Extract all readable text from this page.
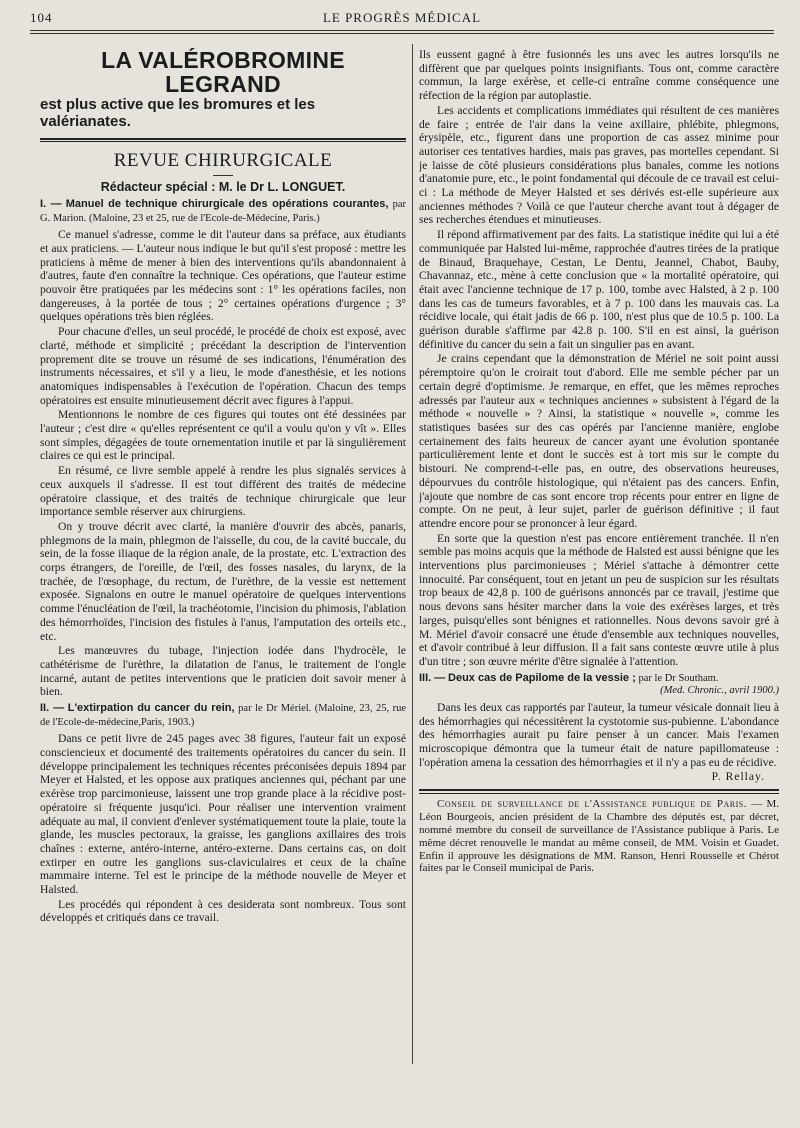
104	LE PROGRÈS MÉDICAL
LA VALÉROBROMINE LEGRAND
est plus active que les bromures et les valérianates.
REVUE CHIRURGICALE
Rédacteur spécial : M. le Dr L. LONGUET.
I. — Manuel de technique chirurgicale des opérations courantes, par G. Marion. (Maloine, 23 et 25, rue de l'Ecole-de-Médecine, Paris.)

Ce manuel s'adresse, comme le dit l'auteur dans sa préface, aux étudiants et aux praticiens. — L'auteur nous indique le but qu'il s'est proposé : mettre les praticiens à même de mener à bien des interventions qu'ils abandonnaient à d'autres, faute d'en connaître la technique. Ces opérations, que l'auteur estime pouvoir être pratiquées par les médecins sont : 1° les opérations faciles, non dangereuses, à la portée de tous ; 2° certaines opérations d'urgence ; 3° quelques opérations très bien réglées.

Pour chacune d'elles, un seul procédé, le procédé de choix est exposé, avec clarté, méthode et simplicité ; précédant la description de l'intervention proprement dite se trouve un résumé de ses indications, l'énumération des instruments nécessaires, et s'il y a lieu, le mode d'anesthésie, et les notions anatomiques indispensables à l'exécution de l'opération. Chacun des temps opératoires est ensuite minutieusement décrit avec figures à l'appui.

Mentionnons le nombre de ces figures qui toutes ont été dessinées par l'auteur ; c'est dire « qu'elles représentent ce qu'il a voulu qu'on y vît ». Elles sont simples, dégagées de toute ornementation inutile et par là singulièrement claires ce qui est le principal.

En résumé, ce livre semble appelé à rendre les plus signalés services à ceux auxquels il s'adresse. Il est tout différent des traités de médecine opératoire classique, et des traités de technique chirurgicale que leur importance semble réserver aux chirurgiens.

On y trouve décrit avec clarté, la manière d'ouvrir des abcès, panaris, phlegmons de la main, phlegmon de l'aisselle, du cou, de la cavité buccale, du sein, de la fosse iliaque de la région anale, de la prostate, etc. L'extraction des corps étrangers, de l'oreille, de l'œil, des fosses nasales, du larynx, de la trachée, de l'œsophage, du rectum, de l'urèthre, de la vessie est nettement exposée. Signalons en outre le manuel opératoire de quelques interventions comme l'énucléation de l'œil, la trachéotomie, l'incision du phimosis, l'ablation des hémorrhoïdes, l'incision des fistules à l'anus, l'amputation des orteils etc., etc.

Les manœuvres du tubage, l'injection iodée dans l'hydrocèle, le cathétérisme de l'urèthre, la dilatation de l'anus, le traitement de l'ongle incarné, autant de petites interventions que le praticien doit savoir mener à bien.

II. — L'extirpation du cancer du rein, par le Dr Mériel. (Maloine, 23, 25, rue de l'Ecole-de-médecine,Paris, 1903.)

Dans ce petit livre de 245 pages avec 38 figures, l'auteur fait un exposé consciencieux et documenté des traitements opératoires du cancer du sein. Il développe principalement les techniques récentes préconisées depuis 1894 par Meyer et Halsted, et les oppose aux pratiques anciennes qui, péchant par une exérèse trop parcimonieuse, laissent une trop grande place à la récidive post-opératoire si fréquente jusqu'ici. Pour réaliser une intervention vraiment adéquate au mal, il convient d'enlever systématiquement toute la plaie, toute la glande, les muscles pectoraux, la graisse, les ganglions axillaires des trois chaînes : externe, antéro-interne, antéro-externe. Dans certains cas, on doit extirper en outre les ganglions sus-claviculaires et ceux de la chaîne mammaire interne. Tel est le principe de la méthode nouvelle de Meyer et Halsted.

Les procédés qui répondent à ces desiderata sont nombreux. Tous sont développés et critiqués dans ce travail.

Ils eussent gagné à être fusionnés les uns avec les autres lorsqu'ils ne diffèrent que par quelques points insignifiants. Tous ont, comme caractère commun, la large exérèse, et celle-ci entraîne comme conséquence une réfection de la région par autoplastie.

Les accidents et complications immédiates qui résultent de ces manières de faire ; entrée de l'air dans la veine axillaire, phlébite, phlegmons, érysipèle, etc., figurent dans une proportion de cas assez minime pour autoriser ces tentatives hardies, mais pas graves, pas mortelles cependant. Si je laisse de côté plusieurs considérations plus banales, comme les notions d'anatomie pure, etc., le point fondamental qui découle de ce travail est celui-ci : La méthode de Meyer Halsted et ses dérivés est-elle supérieure aux anciennes méthodes ? Voilà ce que l'auteur cherche avant tout à dégager de ses recherches étendues et minutieuses.

Il répond affirmativement par des faits. La statistique inédite qui lui a été communiquée par Halsted lui-même, rapprochée d'autres tirées de la pratique de Binaud, Braquehaye, Cestan, Le Dentu, Jeannel, Chabot, Bauby, Chavannaz, etc., mène à cette conclusion que « la mortalité opératoire, qui était avec l'ancienne technique de 17 p. 100, tombe avec Halsted, à 2 p. 100 dans les cas de tumeurs favorables, et à 7 p. 100 dans les mauvais cas. La récidive locale, qui était jadis de 66 p. 100, n'est plus que de 10.5 p. 100. La guérison durable s'affirme par 42.8 p. 100. S'il en est ainsi, la guérison définitive du cancer du sein a fait un singulier pas en avant.

Je crains cependant que la démonstration de Mériel ne soit point aussi péremptoire qu'on le croirait tout d'abord. Elle me semble pécher par un certain degré d'optimisme. Je remarque, en effet, que les mêmes reproches adressés par l'auteur aux « techniques anciennes » subsistent à l'égard de la méthode « nouvelle » ? Ainsi, la statistique « nouvelle », comme les statistiques basées sur des cas opérés par l'ancienne manière, englobe certainement des faits heureux de cancer ayant une évolution spontanée particulièrement lente et dont le succès est à tort mis sur le compte du bistouri. Ne comprend-t-elle pas, en outre, des observations heureuses, dépourvues du contrôle histologique, qui n'étaient pas des cancers. Enfin, j'ajoute que nombre de cas sont encore trop récents pour entrer en ligne de compte. On ne peut, à leur sujet, parler de guérison définitive ; il faut attendre encore pour se prononcer à leur égard.

En sorte que la question n'est pas encore entièrement tranchée. Il n'en semble pas moins acquis que la méthode de Halsted est aussi bénigne que les interventions plus parcimonieuses ; Mériel s'attache à démontrer cette innocuité. Par conséquent, tout en jetant un peu de suspicion sur les résultats trop beaux de 42,8 p. 100 de guérisons annoncés par ce travail, j'estime que nous devons sans hésiter marcher dans la voie des exérèses larges, et très larges, puisqu'elles sont bénignes et rationnelles. Nous devons savoir gré à M. Mériel d'avoir consacré une étude d'ensemble aux techniques nouvelles, et d'avoir contribué à leur diffusion. Il a fait sans conteste œuvre utile à plus d'un titre ; son œuvre mérite d'être signalée à l'attention.

III. — Deux cas de Papilome de la vessie ; par le Dr Southam.
(Med. Chronic., avril 1900.)

Dans les deux cas rapportés par l'auteur, la tumeur vésicale donnait lieu à des hémorrhagies qui nécessitèrent la cystotomie sus-pubienne. L'abondance des hémorrhagies aurait pu faire penser à un cancer. Mais l'examen microscopique démontra que la tumeur était de nature papillomateuse : l'opération amena la cessation des hémorrhagies et il n'y a pas eu de récidive.

P. Rellay.

Conseil de surveillance de l'Assistance publique de Paris. — M. Léon Bourgeois, ancien président de la Chambre des députés est, par décret, nommé membre du conseil de surveillance de l'Assistance publique à Paris. Le même décret renouvelle le mandat au même conseil, de MM. Voisin et Guadet. Enfin il approuve les désignations de MM. Ranson, Henri Rousselle et Chérot faites par le Conseil municipal de Paris.
